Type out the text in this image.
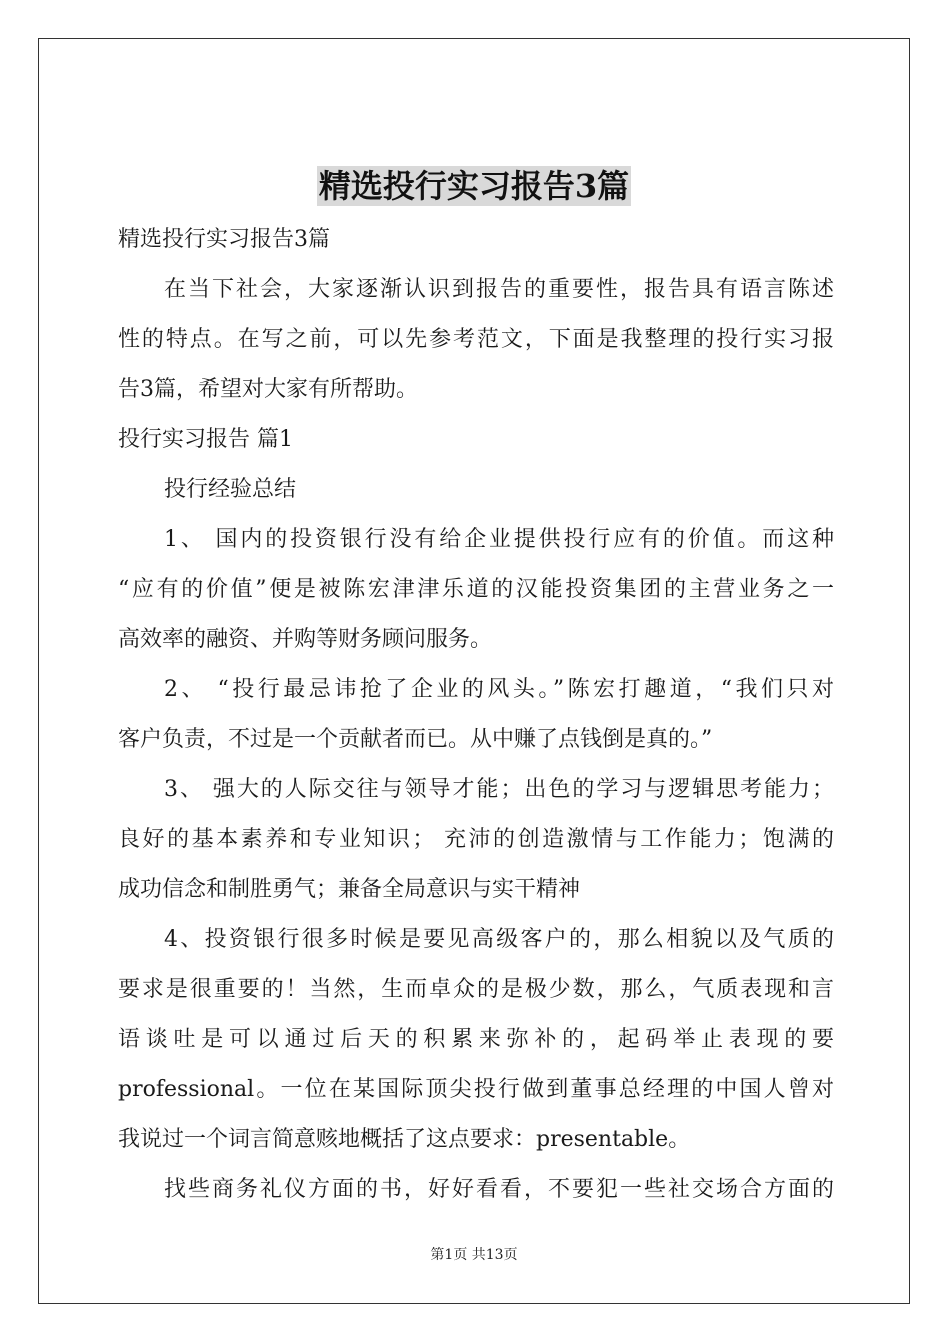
精选投行实习报告3篇
精选投行实习报告3篇
在当下社会，大家逐渐认识到报告的重要性，报告具有语言陈述
性的特点。在写之前，可以先参考范文，下面是我整理的投行实习报
告3篇，希望对大家有所帮助。
投行实习报告 篇1
投行经验总结
1、 国内的投资银行没有给企业提供投行应有的价值。而这种
“应有的价值”便是被陈宏津津乐道的汉能投资集团的主营业务之一
高效率的融资、并购等财务顾问服务。
2、 “投行最忌讳抢了企业的风头。”陈宏打趣道，“我们只对
客户负责，不过是一个贡献者而已。从中赚了点钱倒是真的。”
3、 强大的人际交往与领导才能；出色的学习与逻辑思考能力；
良好的基本素养和专业知识； 充沛的创造激情与工作能力；饱满的
成功信念和制胜勇气；兼备全局意识与实干精神
4、投资银行很多时候是要见高级客户的，那么相貌以及气质的
要求是很重要的！当然，生而卓众的是极少数，那么，气质表现和言
语谈吐是可以通过后天的积累来弥补的，起码举止表现的要
professional。一位在某国际顶尖投行做到董事总经理的中国人曾对
我说过一个词言简意赅地概括了这点要求：presentable。
找些商务礼仪方面的书，好好看看，不要犯一些社交场合方面的
第1页 共13页
